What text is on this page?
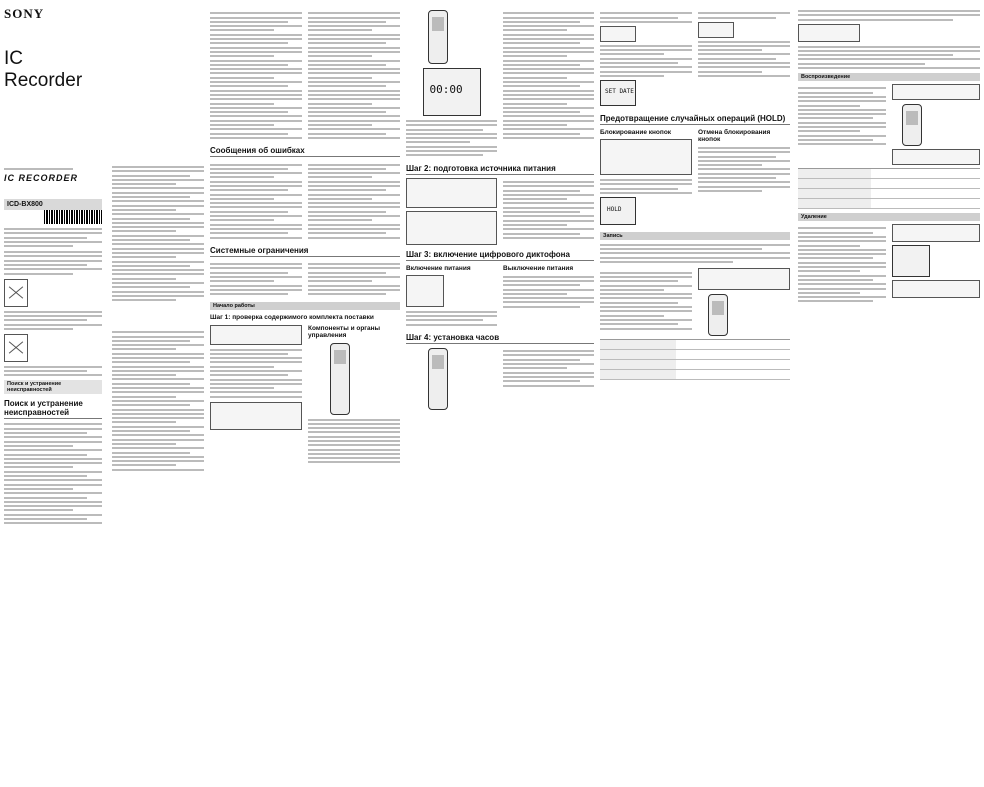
SONY
IC Recorder
IC RECORDER
ICD-BX800
Поиск и устранение неисправностей
Поиск и устранение неисправностей
Сообщения об ошибках
Системные ограничения
Начало работы
Шаг 1: проверка содержимого комплекта поставки
Компоненты и органы управления
00:00
Шаг 2: подготовка источника питания
Шаг 3: включение цифрового диктофона
Включение питания	Выключение питания
Шаг 4: установка часов
SET DATE
Предотвращение случайных операций (HOLD)
Блокирование кнопок
HOLD
Отмена блокирования кнопок
Запись
Воспроизведение
Удаление
